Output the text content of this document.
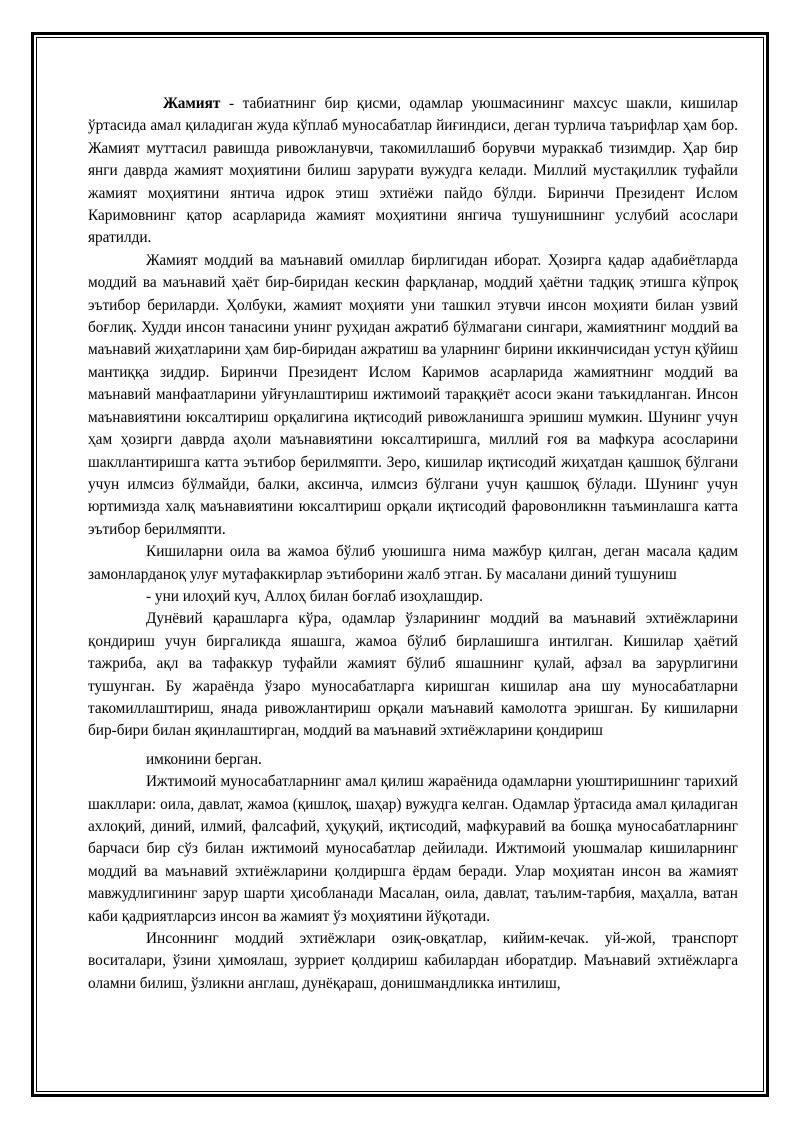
Жамият - табиатнинг бир қисми, одамлар уюшмасининг махсус шакли, кишилар ўртасида амал қиладиган жуда кўплаб муносабатлар йиғиндиси, деган турлича таърифлар ҳам бор. Жамият муттасил равишда ривожланувчи, такомиллашиб борувчи мураккаб тизимдир. Ҳар бир янги даврда жамият моҳиятини билиш зарурати вужудга келади. Миллий мустақиллик туфайли жамият моҳиятини янтича идрок этиш эхтиёжи пайдо бўлди. Биринчи Президент Ислом Каримовнинг қатор асарларида жамият моҳиятини янгича тушунишнинг услубий асослари яратилди.

Жамият моддий ва маънавий омиллар бирлигидан иборат. Ҳозирга қадар адабиётларда моддий ва маънавий ҳаёт бир-биридан кескин фарқланар, моддий ҳаётни тадқиқ этишга кўпроқ эътибор бериларди. Ҳолбуки, жамият моҳияти уни ташкил этувчи инсон моҳияти билан узвий боғлиқ. Худди инсон танасини унинг руҳидан ажратиб бўлмагани сингари, жамиятнинг моддий ва маънавий жиҳатларини ҳам бир-биридан ажратиш ва уларнинг бирини иккинчисидан устун қўйиш мантиққа зиддир. Биринчи Президент Ислом Каримов асарларида жамиятнинг моддий ва маънавий манфаатларини уйғунлаштириш ижтимоий тараққиёт асоси экани таъкидланган. Инсон маънавиятини юксалтириш орқалигина иқтисодий ривожланишга эришиш мумкин. Шунинг учун ҳам ҳозирги даврда аҳоли маънавиятини юксалтиришга, миллий ғоя ва мафкура асосларини шакллантиришга катта эътибор берилмяпти. Зеро, кишилар иқтисодий жиҳатдан қашшоқ бўлгани учун илмсиз бўлмайди, балки, аксинча, илмсиз бўлгани учун қашшоқ бўлади. Шунинг учун юртимизда халқ маънавиятини юксалтириш орқали иқтисодий фаровонликнн таъминлашга катта эътибор берилмяпти.

Кишиларни оила ва жамоа бўлиб уюшишга нима мажбур қилган, деган масала қадим замонларданоқ улуғ мутафаккирлар эътиборини жалб этган. Бу масалани диний тушуниш

- уни илоҳий куч, Аллоҳ билан боғлаб изоҳлашдир.

Дунёвий қарашларга кўра, одамлар ўзларининг моддий ва маънавий эхтиёжларини қондириш учун биргаликда яшашга, жамоа бўлиб бирлашишга интилган. Кишилар ҳаётий тажриба, ақл ва тафаккур туфайли жамият бўлиб яшашнинг қулай, афзал ва зарурлигини тушунган. Бу жараёнда ўзаро муносабатларга киришган кишилар ана шу муносабатларни такомиллаштириш, янада ривожлантириш орқали маънавий камолотга эришган. Бу кишиларни бир-бири билан яқинлаштирган, моддий ва маънавий эхтиёжларини қондириш

имконини берган.

Ижтимоий муносабатларнинг амал қилиш жараёнида одамларни уюштиришнинг тарихий шакллари: оила, давлат, жамоа (қишлоқ, шаҳар) вужудга келган. Одамлар ўртасида амал қиладиган ахлоқий, диний, илмий, фалсафий, ҳуқуқий, иқтисодий, мафкуравий ва бошқа муносабатларнинг барчаси бир сўз билан ижтимоий муносабатлар дейилади. Ижтимоий уюшмалар кишиларнинг моддий ва маънавий эхтиёжларини қолдиршга ёрдам беради. Улар моҳиятан инсон ва жамият мавжудлигининг зарур шарти ҳисобланади Масалан, оила, давлат, таълим-тарбия, маҳалла, ватан каби қадриятларсиз инсон ва жамият ўз моҳиятини йўқотади.

Инсоннинг моддий эхтиёжлари озиқ-овқатлар, кийим-кечак. уй-жой, транспорт воситалари, ўзини ҳимоялаш, зурриет қолдириш кабилардан иборатдир. Маънавий эхтиёжларга оламни билиш, ўзликни англаш, дунёқараш, донишмандликка интилиш,
